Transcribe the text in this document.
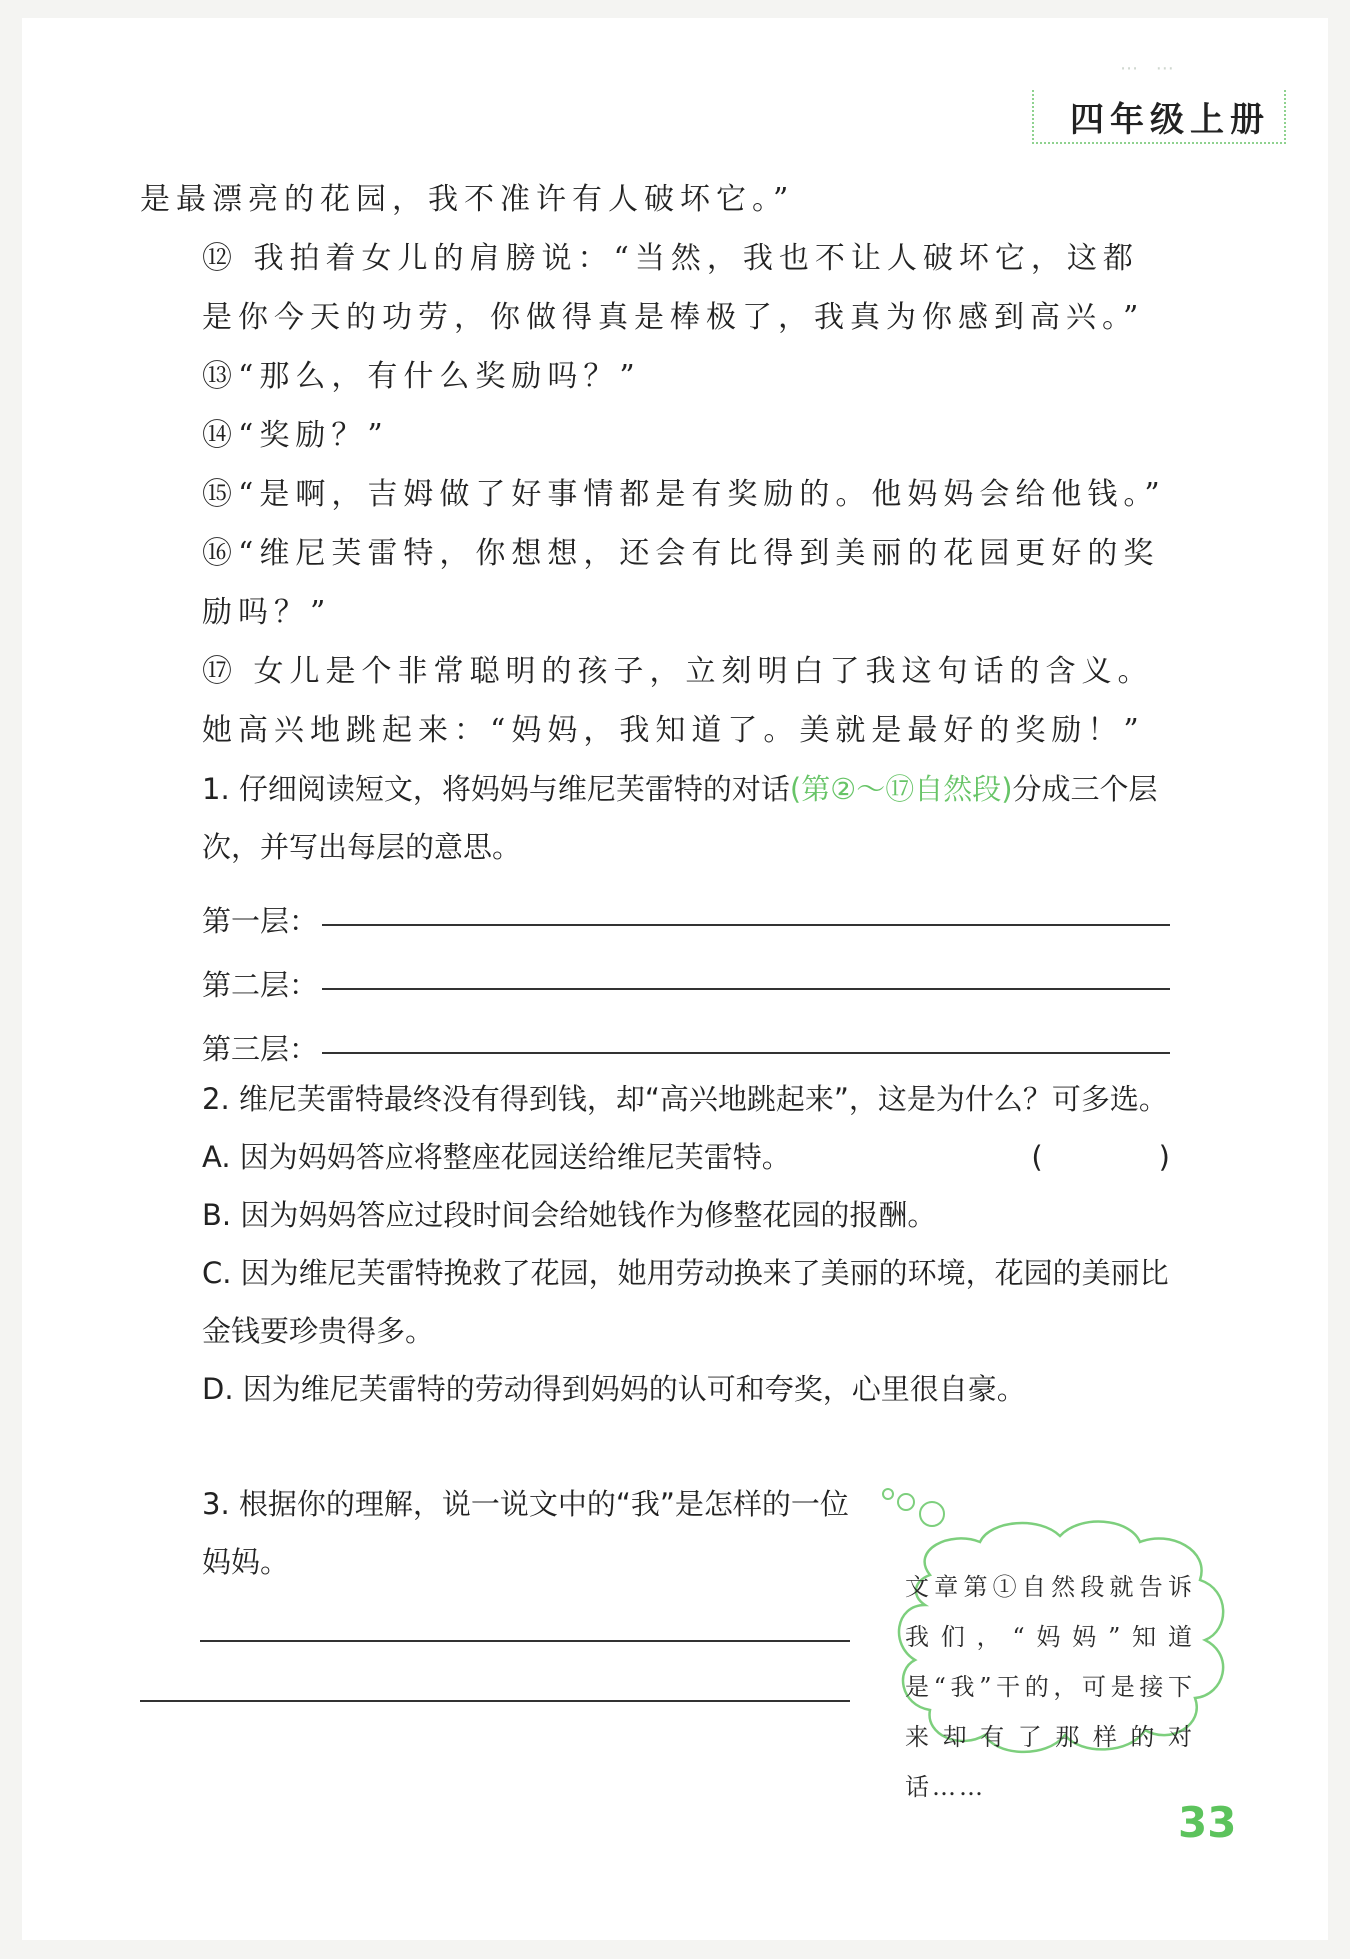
⋯ ⋯
四年级上册

是最漂亮的花园，我不准许有人破坏它。”

⑫ 我拍着女儿的肩膀说：“当然，我也不让人破坏它，这都是你今天的功劳，你做得真是棒极了，我真为你感到高兴。”

⑬“那么，有什么奖励吗？”

⑭“奖励？”

⑮“是啊，吉姆做了好事情都是有奖励的。他妈妈会给他钱。”

⑯“维尼芙雷特，你想想，还会有比得到美丽的花园更好的奖励吗？”

⑰ 女儿是个非常聪明的孩子，立刻明白了我这句话的含义。她高兴地跳起来：“妈妈，我知道了。美就是最好的奖励！”

1. 仔细阅读短文，将妈妈与维尼芙雷特的对话(第②～⑰自然段)分成三个层次，并写出每层的意思。

第一层：
第二层：
第三层：

2. 维尼芙雷特最终没有得到钱，却“高兴地跳起来”，这是为什么？可多选。
(　　　　)

A. 因为妈妈答应将整座花园送给维尼芙雷特。

B. 因为妈妈答应过段时间会给她钱作为修整花园的报酬。

C. 因为维尼芙雷特挽救了花园，她用劳动换来了美丽的环境，花园的美丽比金钱要珍贵得多。

D. 因为维尼芙雷特的劳动得到妈妈的认可和夸奖，心里很自豪。

3. 根据你的理解，说一说文中的“我”是怎样的一位妈妈。

文章第①自然段就告诉我们，“妈妈”知道是“我”干的，可是接下来却有了那样的对话……
33
